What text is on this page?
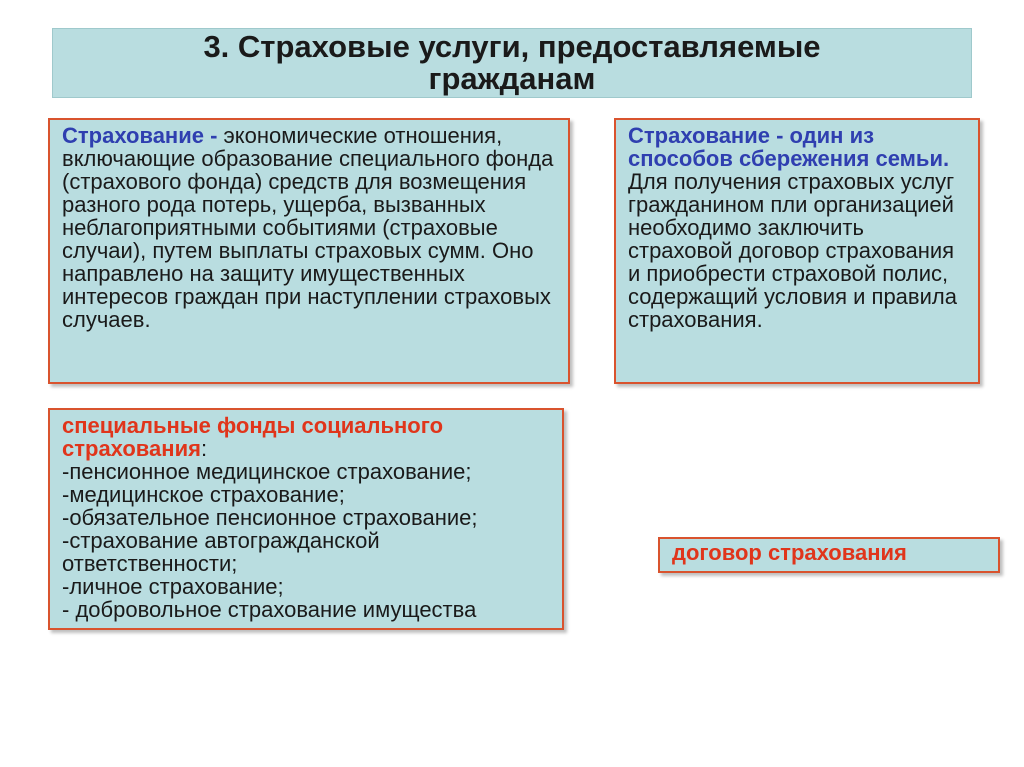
3. Страховые услуги, предоставляемые гражданам
Страхование - экономические отношения, включающие образование специального фонда (страхового фонда) средств для возмещения разного рода потерь, ущерба, вызванных неблагоприятными событиями (страховые случаи), путем выплаты страховых сумм. Оно направлено на защиту имущественных интересов граждан при наступлении страховых случаев.
Страхование - один из способов сбережения семьи. Для получения страховых услуг гражданином пли организацией необходимо заключить страховой договор страхования и приобрести страховой полис, содержащий условия и правила страхования.
специальные фонды социального страхования:
-пенсионное медицинское страхование;
-медицинское страхование;
-обязательное пенсионное страхование;
-страхование автогражданской ответственности;
-личное страхование;
- добровольное страхование имущества
договор страхования
